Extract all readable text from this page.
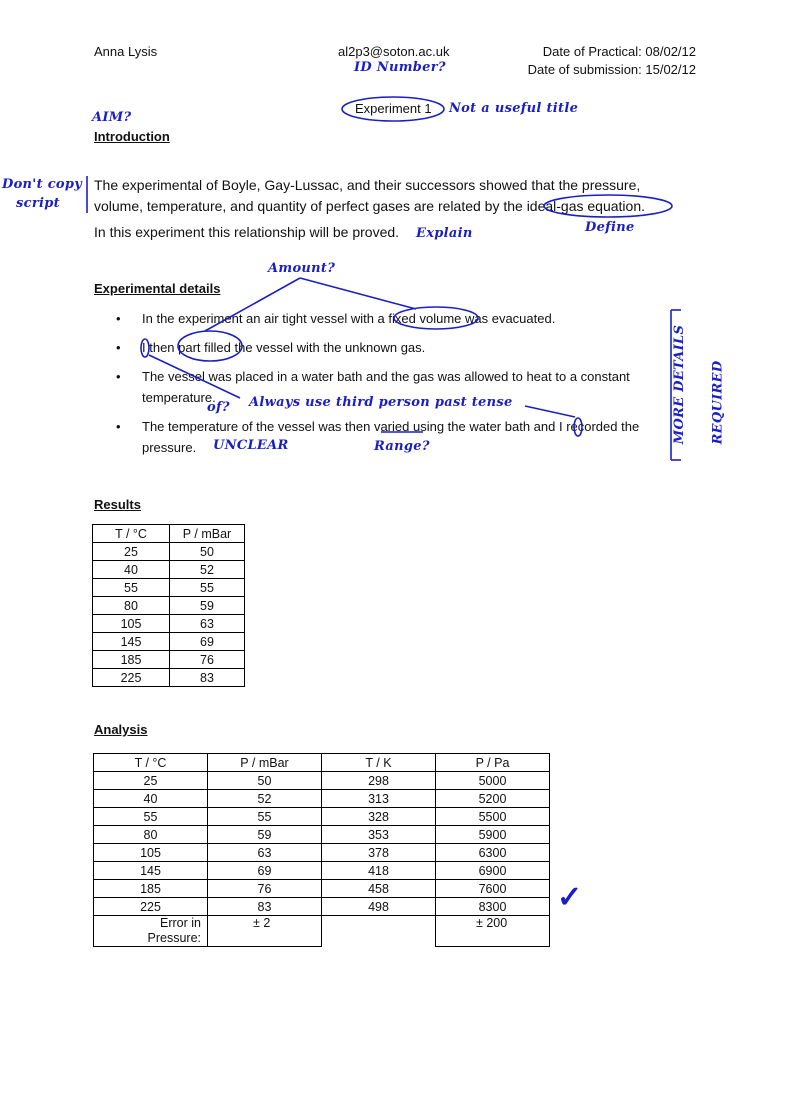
Anna Lysis	al2p3@soton.ac.uk	Date of Practical: 08/02/12
Date of submission: 15/02/12
Experiment 1
Introduction
The experimental of Boyle, Gay-Lussac, and their successors showed that the pressure,
volume, temperature, and quantity of perfect gases are related by the ideal-gas equation.
In this experiment this relationship will be proved.
Experimental details
• In the experiment an air tight vessel with a fixed volume was evacuated.
• I then part filled the vessel with the unknown gas.
• The vessel was placed in a water bath and the gas was allowed to heat to a constant
temperature.
• The temperature of the vessel was then varied using the water bath and I recorded the
pressure.
Results
T / °C	P / mBar
25	50
40	52
55	55
80	59
105	63
145	69
185	76
225	83
Analysis
T / °C	P / mBar	T / K	P / Pa
25	50	298	5000
40	52	313	5200
55	55	328	5500
80	59	353	5900
105	63	378	6300
145	69	418	6900
185	76	458	7600
225	83	498	8300

Error in
Pressure:	± 2		± 200
ID Number?
AIM?
Not a useful title
Don't copy
script
Define
Explain
Amount?
of? Always use third person past tense
UNCLEAR	Range?
MORE DETAILS REQUIRED
✓
